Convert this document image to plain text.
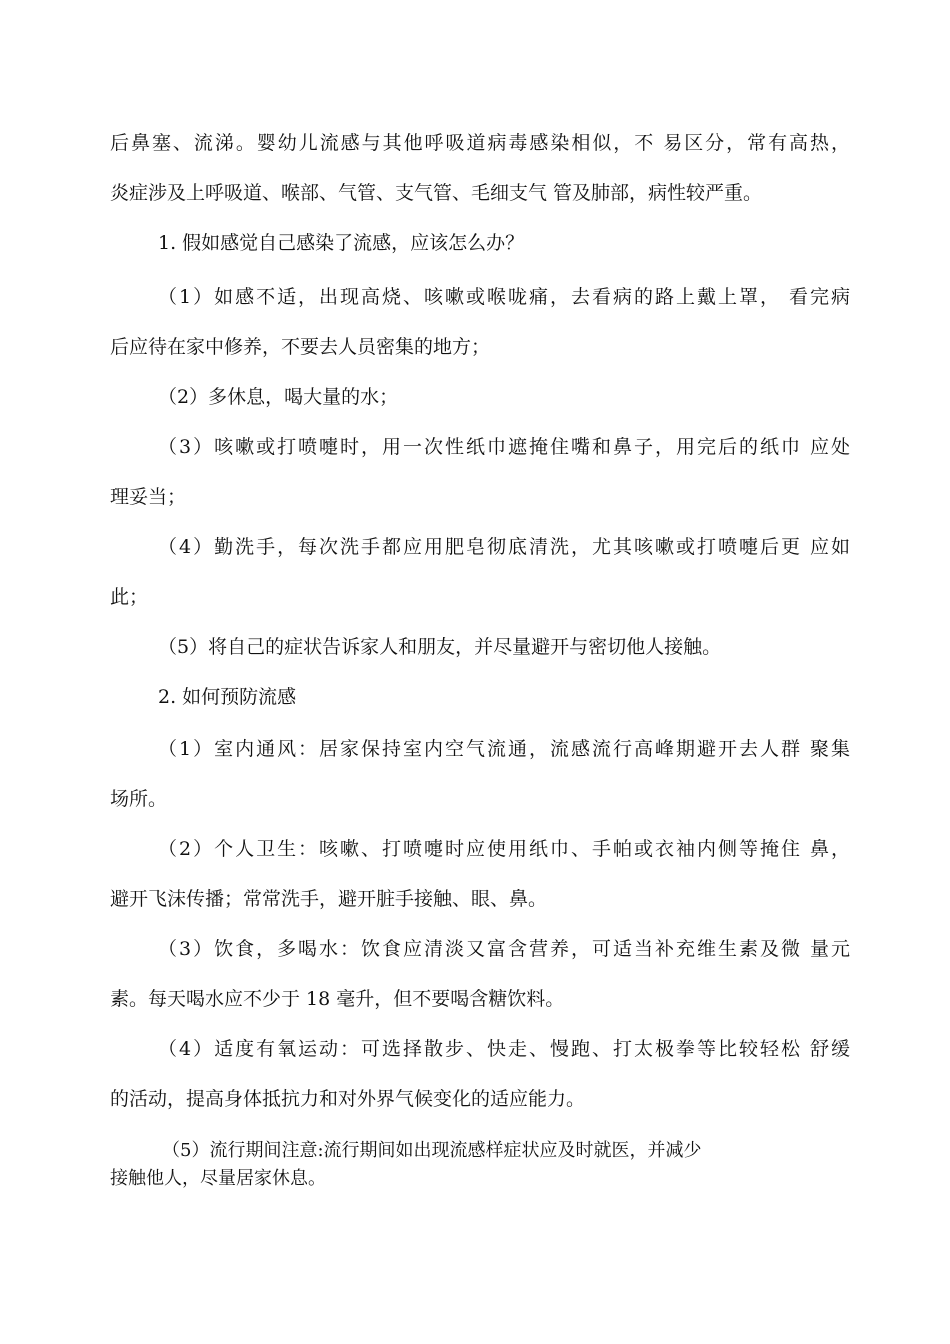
后鼻塞、流涕。婴幼儿流感与其他呼吸道病毒感染相似，不 易区分，常有高热，
炎症涉及上呼吸道、喉部、气管、支气管、毛细支气 管及肺部，病性较严重。
1. 假如感觉自己感染了流感，应该怎么办？
（1）如感不适，出现高烧、咳嗽或喉咙痛，去看病的路上戴上罩， 看完病
后应待在家中修养，不要去人员密集的地方；
（2）多休息，喝大量的水；
（3）咳嗽或打喷嚏时，用一次性纸巾遮掩住嘴和鼻子，用完后的纸巾 应处
理妥当；
（4）勤洗手，每次洗手都应用肥皂彻底清洗，尤其咳嗽或打喷嚏后更 应如
此；
（5）将自己的症状告诉家人和朋友，并尽量避开与密切他人接触。
2. 如何预防流感
（1）室内通风：居家保持室内空气流通，流感流行高峰期避开去人群 聚集
场所。
（2）个人卫生：咳嗽、打喷嚏时应使用纸巾、手帕或衣袖内侧等掩住 鼻，
避开飞沫传播；常常洗手，避开脏手接触、眼、鼻。
（3）饮食，多喝水：饮食应清淡又富含营养，可适当补充维生素及微 量元
素。每天喝水应不少于 18 毫升，但不要喝含糖饮料。
（4）适度有氧运动：可选择散步、快走、慢跑、打太极拳等比较轻松 舒缓
的活动，提高身体抵抗力和对外界气候变化的适应能力。
（5）流行期间注意:流行期间如出现流感样症状应及时就医，并减少
接触他人，尽量居家休息。
